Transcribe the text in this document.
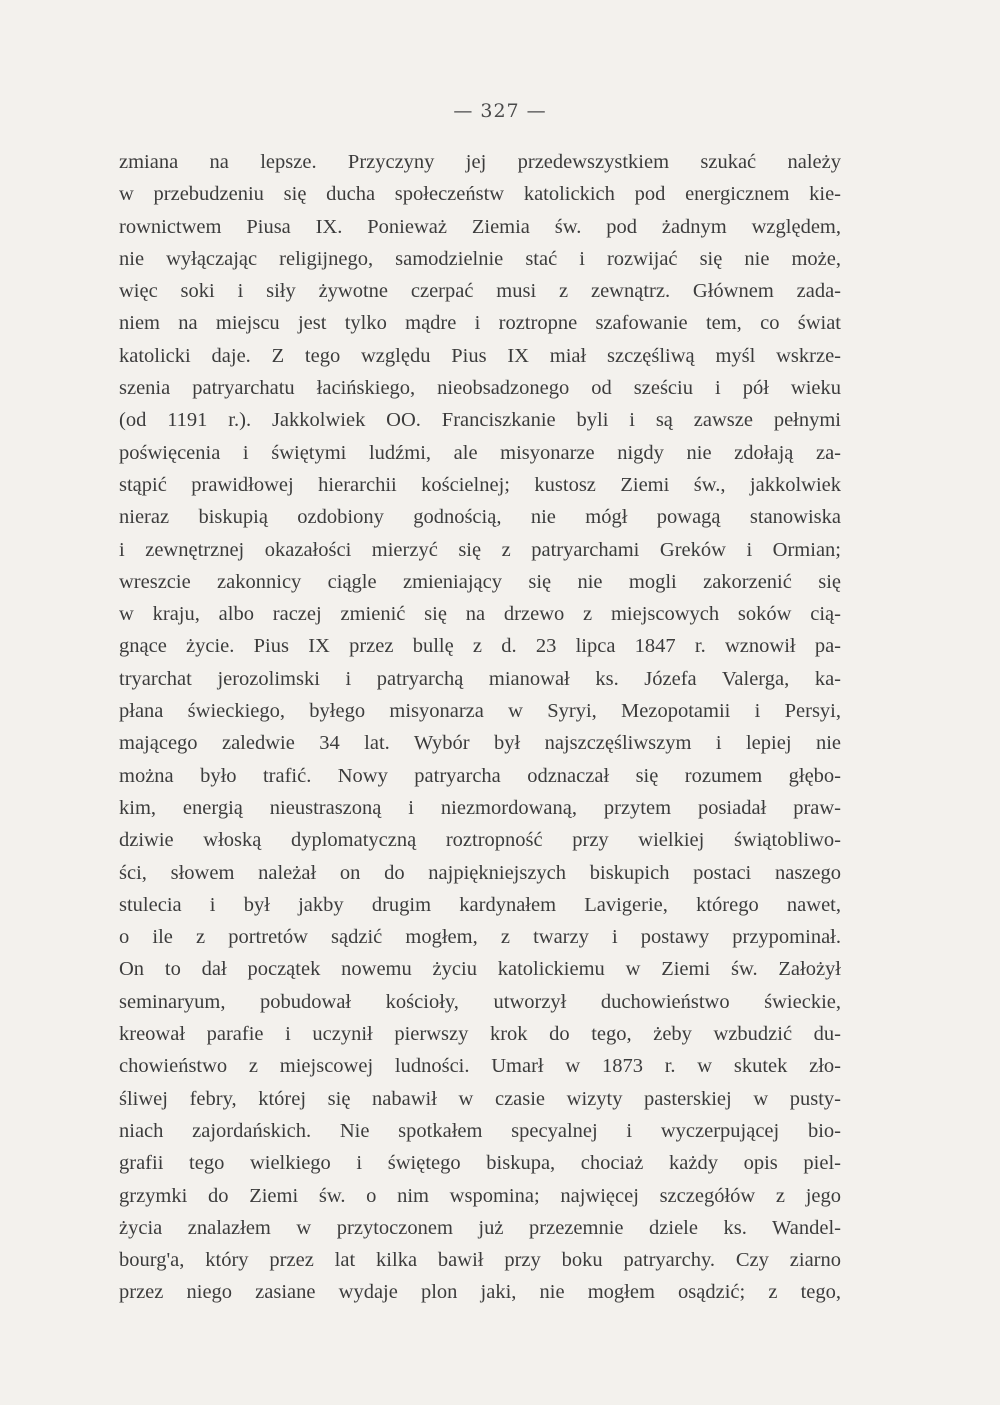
— 327 —
zmiana na lepsze. Przyczyny jej przedewszystkiem szukać należy
w przebudzeniu się ducha społeczeństw katolickich pod energicznem kie-
rownictwem Piusa IX. Ponieważ Ziemia św. pod żadnym względem,
nie wyłączając religijnego, samodzielnie stać i rozwijać się nie może,
więc soki i siły żywotne czerpać musi z zewnątrz. Głównem zada-
niem na miejscu jest tylko mądre i roztropne szafowanie tem, co świat
katolicki daje. Z tego względu Pius IX miał szczęśliwą myśl wskrze-
szenia patryarchatu łacińskiego, nieobsadzonego od sześciu i pół wieku
(od 1191 r.). Jakkolwiek OO. Franciszkanie byli i są zawsze pełnymi
poświęcenia i świętymi ludźmi, ale misyonarze nigdy nie zdołają za-
stąpić prawidłowej hierarchii kościelnej; kustosz Ziemi św., jakkolwiek
nieraz biskupią ozdobiony godnością, nie mógł powagą stanowiska
i zewnętrznej okazałości mierzyć się z patryarchami Greków i Ormian;
wreszcie zakonnicy ciągle zmieniający się nie mogli zakorzenić się
w kraju, albo raczej zmienić się na drzewo z miejscowych soków cią-
gnące życie. Pius IX przez bullę z d. 23 lipca 1847 r. wznowił pa-
tryarchat jerozolimski i patryarchą mianował ks. Józefa Valerga, ka-
płana świeckiego, byłego misyonarza w Syryi, Mezopotamii i Persyi,
mającego zaledwie 34 lat. Wybór był najszczęśliwszym i lepiej nie
można było trafić. Nowy patryarcha odznaczał się rozumem głębo-
kim, energią nieustraszoną i niezmordowaną, przytem posiadał praw-
dziwie włoską dyplomatyczną roztropność przy wielkiej świątobliwo-
ści, słowem należał on do najpiękniejszych biskupich postaci naszego
stulecia i był jakby drugim kardynałem Lavigerie, którego nawet,
o ile z portretów sądzić mogłem, z twarzy i postawy przypominał.
On to dał początek nowemu życiu katolickiemu w Ziemi św. Założył
seminaryum, pobudował kościoły, utworzył duchowieństwo świeckie,
kreował parafie i uczynił pierwszy krok do tego, żeby wzbudzić du-
chowieństwo z miejscowej ludności. Umarł w 1873 r. w skutek zło-
śliwej febry, której się nabawił w czasie wizyty pasterskiej w pusty-
niach zajordańskich. Nie spotkałem specyalnej i wyczerpującej bio-
grafii tego wielkiego i świętego biskupa, chociaż każdy opis piel-
grzymki do Ziemi św. o nim wspomina; najwięcej szczegółów z jego
życia znalazłem w przytoczonem już przezemnie dziele ks. Wandel-
bourg'a, który przez lat kilka bawił przy boku patryarchy. Czy ziarno
przez niego zasiane wydaje plon jaki, nie mogłem osądzić; z tego,
